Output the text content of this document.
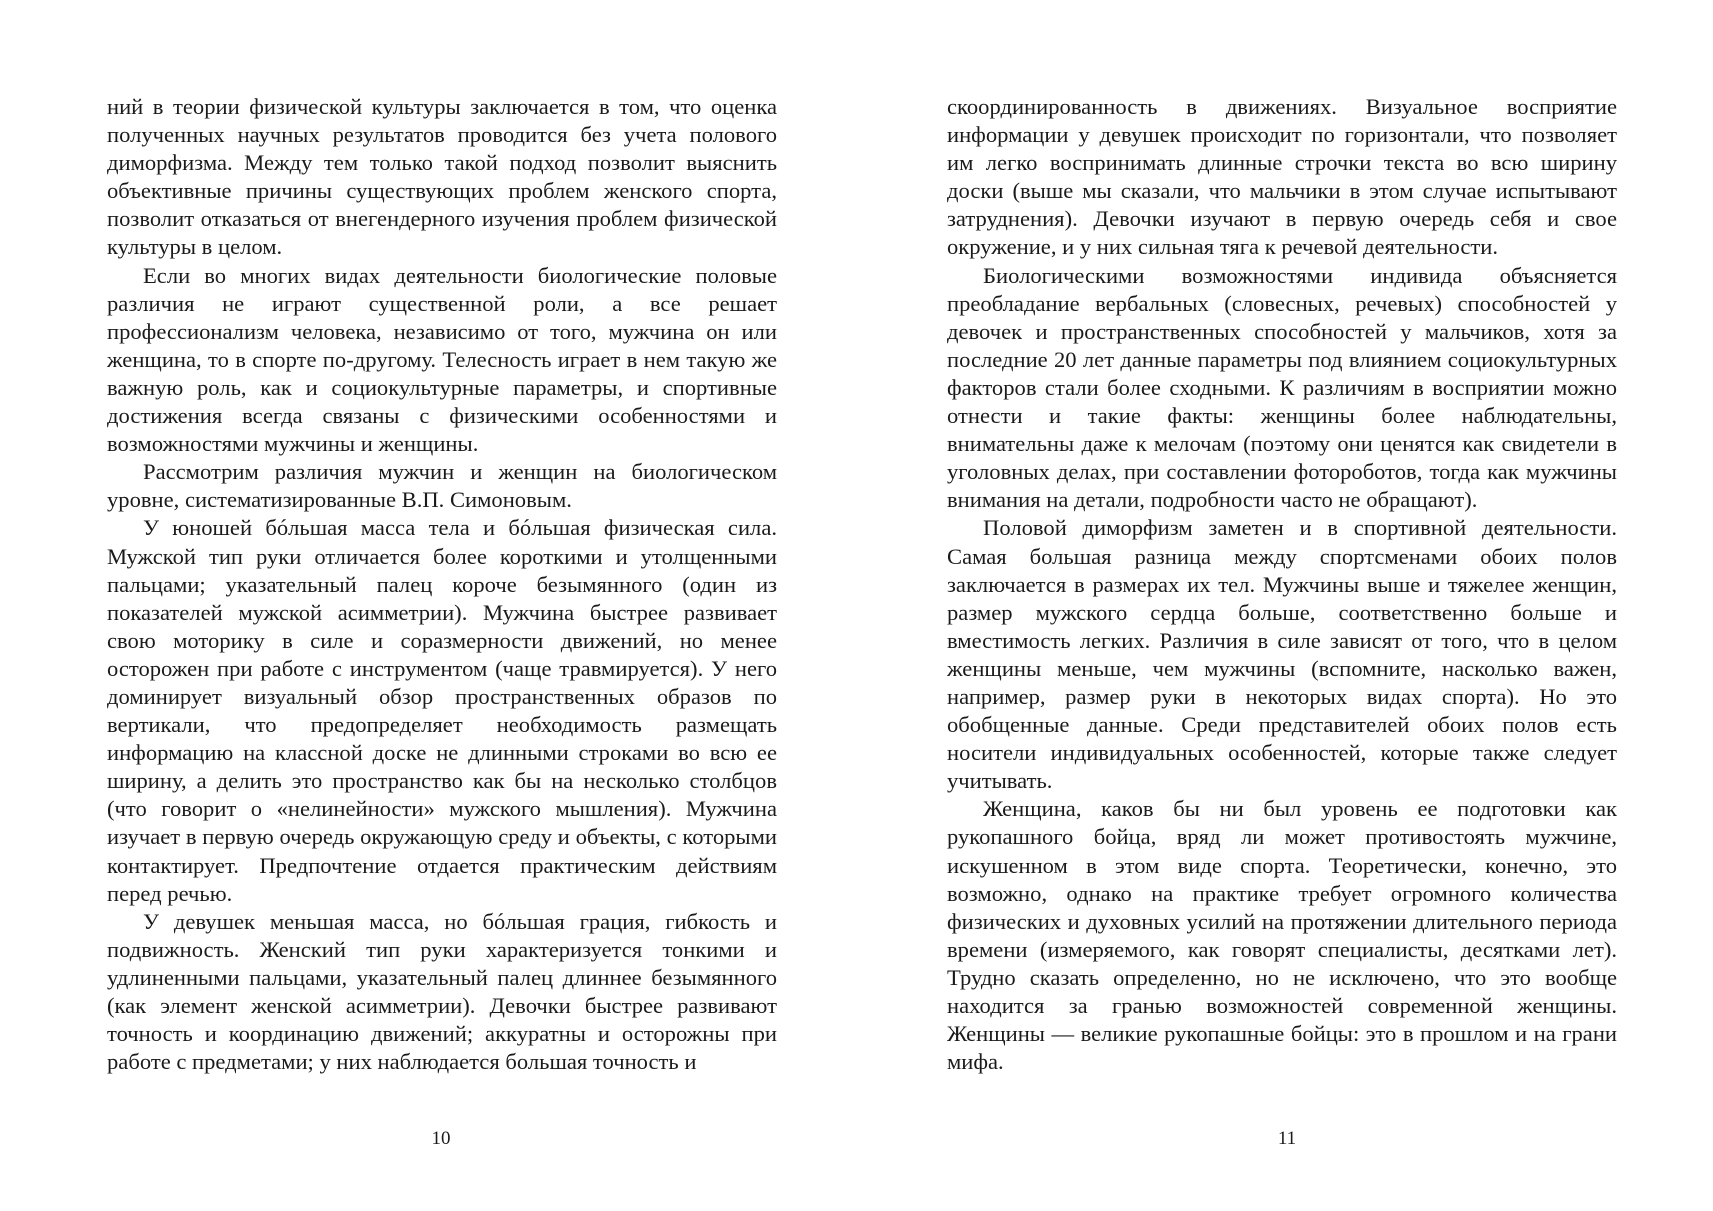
ний в теории физической культуры заключается в том, что оценка полученных научных результатов проводится без учета полового диморфизма. Между тем только такой подход позволит выяснить объективные причины существующих проблем женского спорта, позволит отказаться от внегендерного изучения проблем физической культуры в целом.

Если во многих видах деятельности биологические половые различия не играют существенной роли, а все решает профессионализм человека, независимо от того, мужчина он или женщина, то в спорте по-другому. Телесность играет в нем такую же важную роль, как и социокультурные параметры, и спортивные достижения всегда связаны с физическими особенностями и возможностями мужчины и женщины.

Рассмотрим различия мужчин и женщин на биологическом уровне, систематизированные В.П. Симоновым.

У юношей бóльшая масса тела и бóльшая физическая сила. Мужской тип руки отличается более короткими и утолщенными пальцами; указательный палец короче безымянного (один из показателей мужской асимметрии). Мужчина быстрее развивает свою моторику в силе и соразмерности движений, но менее осторожен при работе с инструментом (чаще травмируется). У него доминирует визуальный обзор пространственных образов по вертикали, что предопределяет необходимость размещать информацию на классной доске не длинными строками во всю ее ширину, а делить это пространство как бы на несколько столбцов (что говорит о «нелинейности» мужского мышления). Мужчина изучает в первую очередь окружающую среду и объекты, с которыми контактирует. Предпочтение отдается практическим действиям перед речью.

У девушек меньшая масса, но бóльшая грация, гибкость и подвижность. Женский тип руки характеризуется тонкими и удлиненными пальцами, указательный палец длиннее безымянного (как элемент женской асимметрии). Девочки быстрее развивают точность и координацию движений; аккуратны и осторожны при работе с предметами; у них наблюдается большая точность и

скоординированность в движениях. Визуальное восприятие информации у девушек происходит по горизонтали, что позволяет им легко воспринимать длинные строчки текста во всю ширину доски (выше мы сказали, что мальчики в этом случае испытывают затруднения). Девочки изучают в первую очередь себя и свое окружение, и у них сильная тяга к речевой деятельности.

Биологическими возможностями индивида объясняется преобладание вербальных (словесных, речевых) способностей у девочек и пространственных способностей у мальчиков, хотя за последние 20 лет данные параметры под влиянием социокультурных факторов стали более сходными. К различиям в восприятии можно отнести и такие факты: женщины более наблюдательны, внимательны даже к мелочам (поэтому они ценятся как свидетели в уголовных делах, при составлении фотороботов, тогда как мужчины внимания на детали, подробности часто не обращают).

Половой диморфизм заметен и в спортивной деятельности. Самая большая разница между спортсменами обоих полов заключается в размерах их тел. Мужчины выше и тяжелее женщин, размер мужского сердца больше, соответственно больше и вместимость легких. Различия в силе зависят от того, что в целом женщины меньше, чем мужчины (вспомните, насколько важен, например, размер руки в некоторых видах спорта). Но это обобщенные данные. Среди представителей обоих полов есть носители индивидуальных особенностей, которые также следует учитывать.

Женщина, каков бы ни был уровень ее подготовки как рукопашного бойца, вряд ли может противостоять мужчине, искушенном в этом виде спорта. Теоретически, конечно, это возможно, однако на практике требует огромного количества физических и духовных усилий на протяжении длительного периода времени (измеряемого, как говорят специалисты, десятками лет). Трудно сказать определенно, но не исключено, что это вообще находится за гранью возможностей современной женщины. Женщины — великие рукопашные бойцы: это в прошлом и на грани мифа.

10	11
